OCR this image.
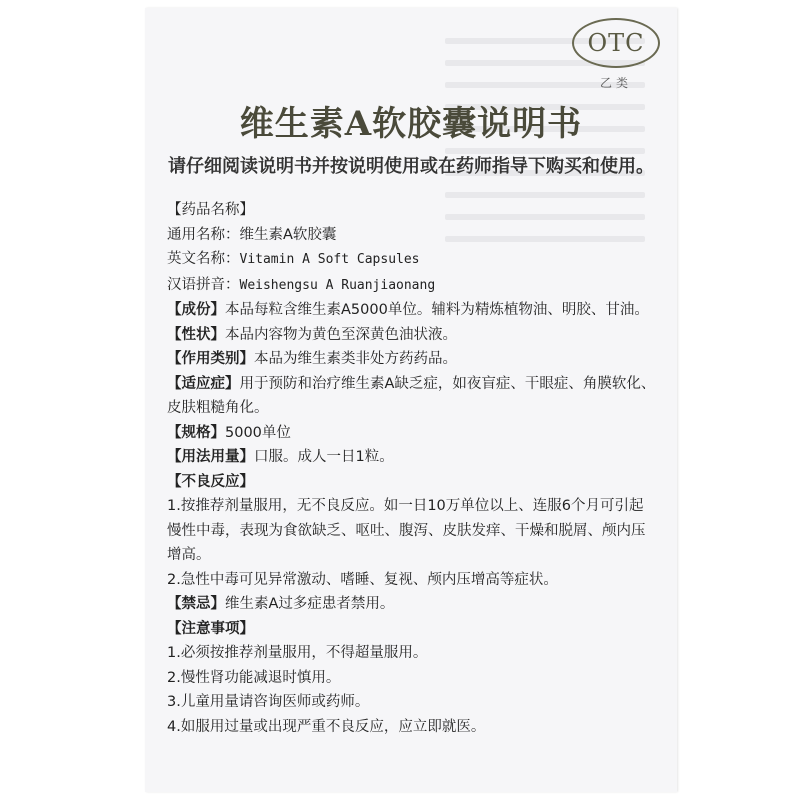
OTC
乙类
维生素A软胶囊说明书
请仔细阅读说明书并按说明使用或在药师指导下购买和使用。
【药品名称】
通用名称：维生素A软胶囊
英文名称：Vitamin A Soft Capsules
汉语拼音：Weishengsu A Ruanjiaonang
【成份】本品每粒含维生素A5000单位。辅料为精炼植物油、明胶、甘油。
【性状】本品内容物为黄色至深黄色油状液。
【作用类别】本品为维生素类非处方药药品。
【适应症】用于预防和治疗维生素A缺乏症，如夜盲症、干眼症、角膜软化、皮肤粗糙角化。
【规格】5000单位
【用法用量】口服。成人一日1粒。
【不良反应】
1.按推荐剂量服用，无不良反应。如一日10万单位以上、连服6个月可引起慢性中毒，表现为食欲缺乏、呕吐、腹泻、皮肤发痒、干燥和脱屑、颅内压增高。
2.急性中毒可见异常激动、嗜睡、复视、颅内压增高等症状。
【禁忌】维生素A过多症患者禁用。
【注意事项】
1.必须按推荐剂量服用，不得超量服用。
2.慢性肾功能减退时慎用。
3.儿童用量请咨询医师或药师。
4.如服用过量或出现严重不良反应，应立即就医。
